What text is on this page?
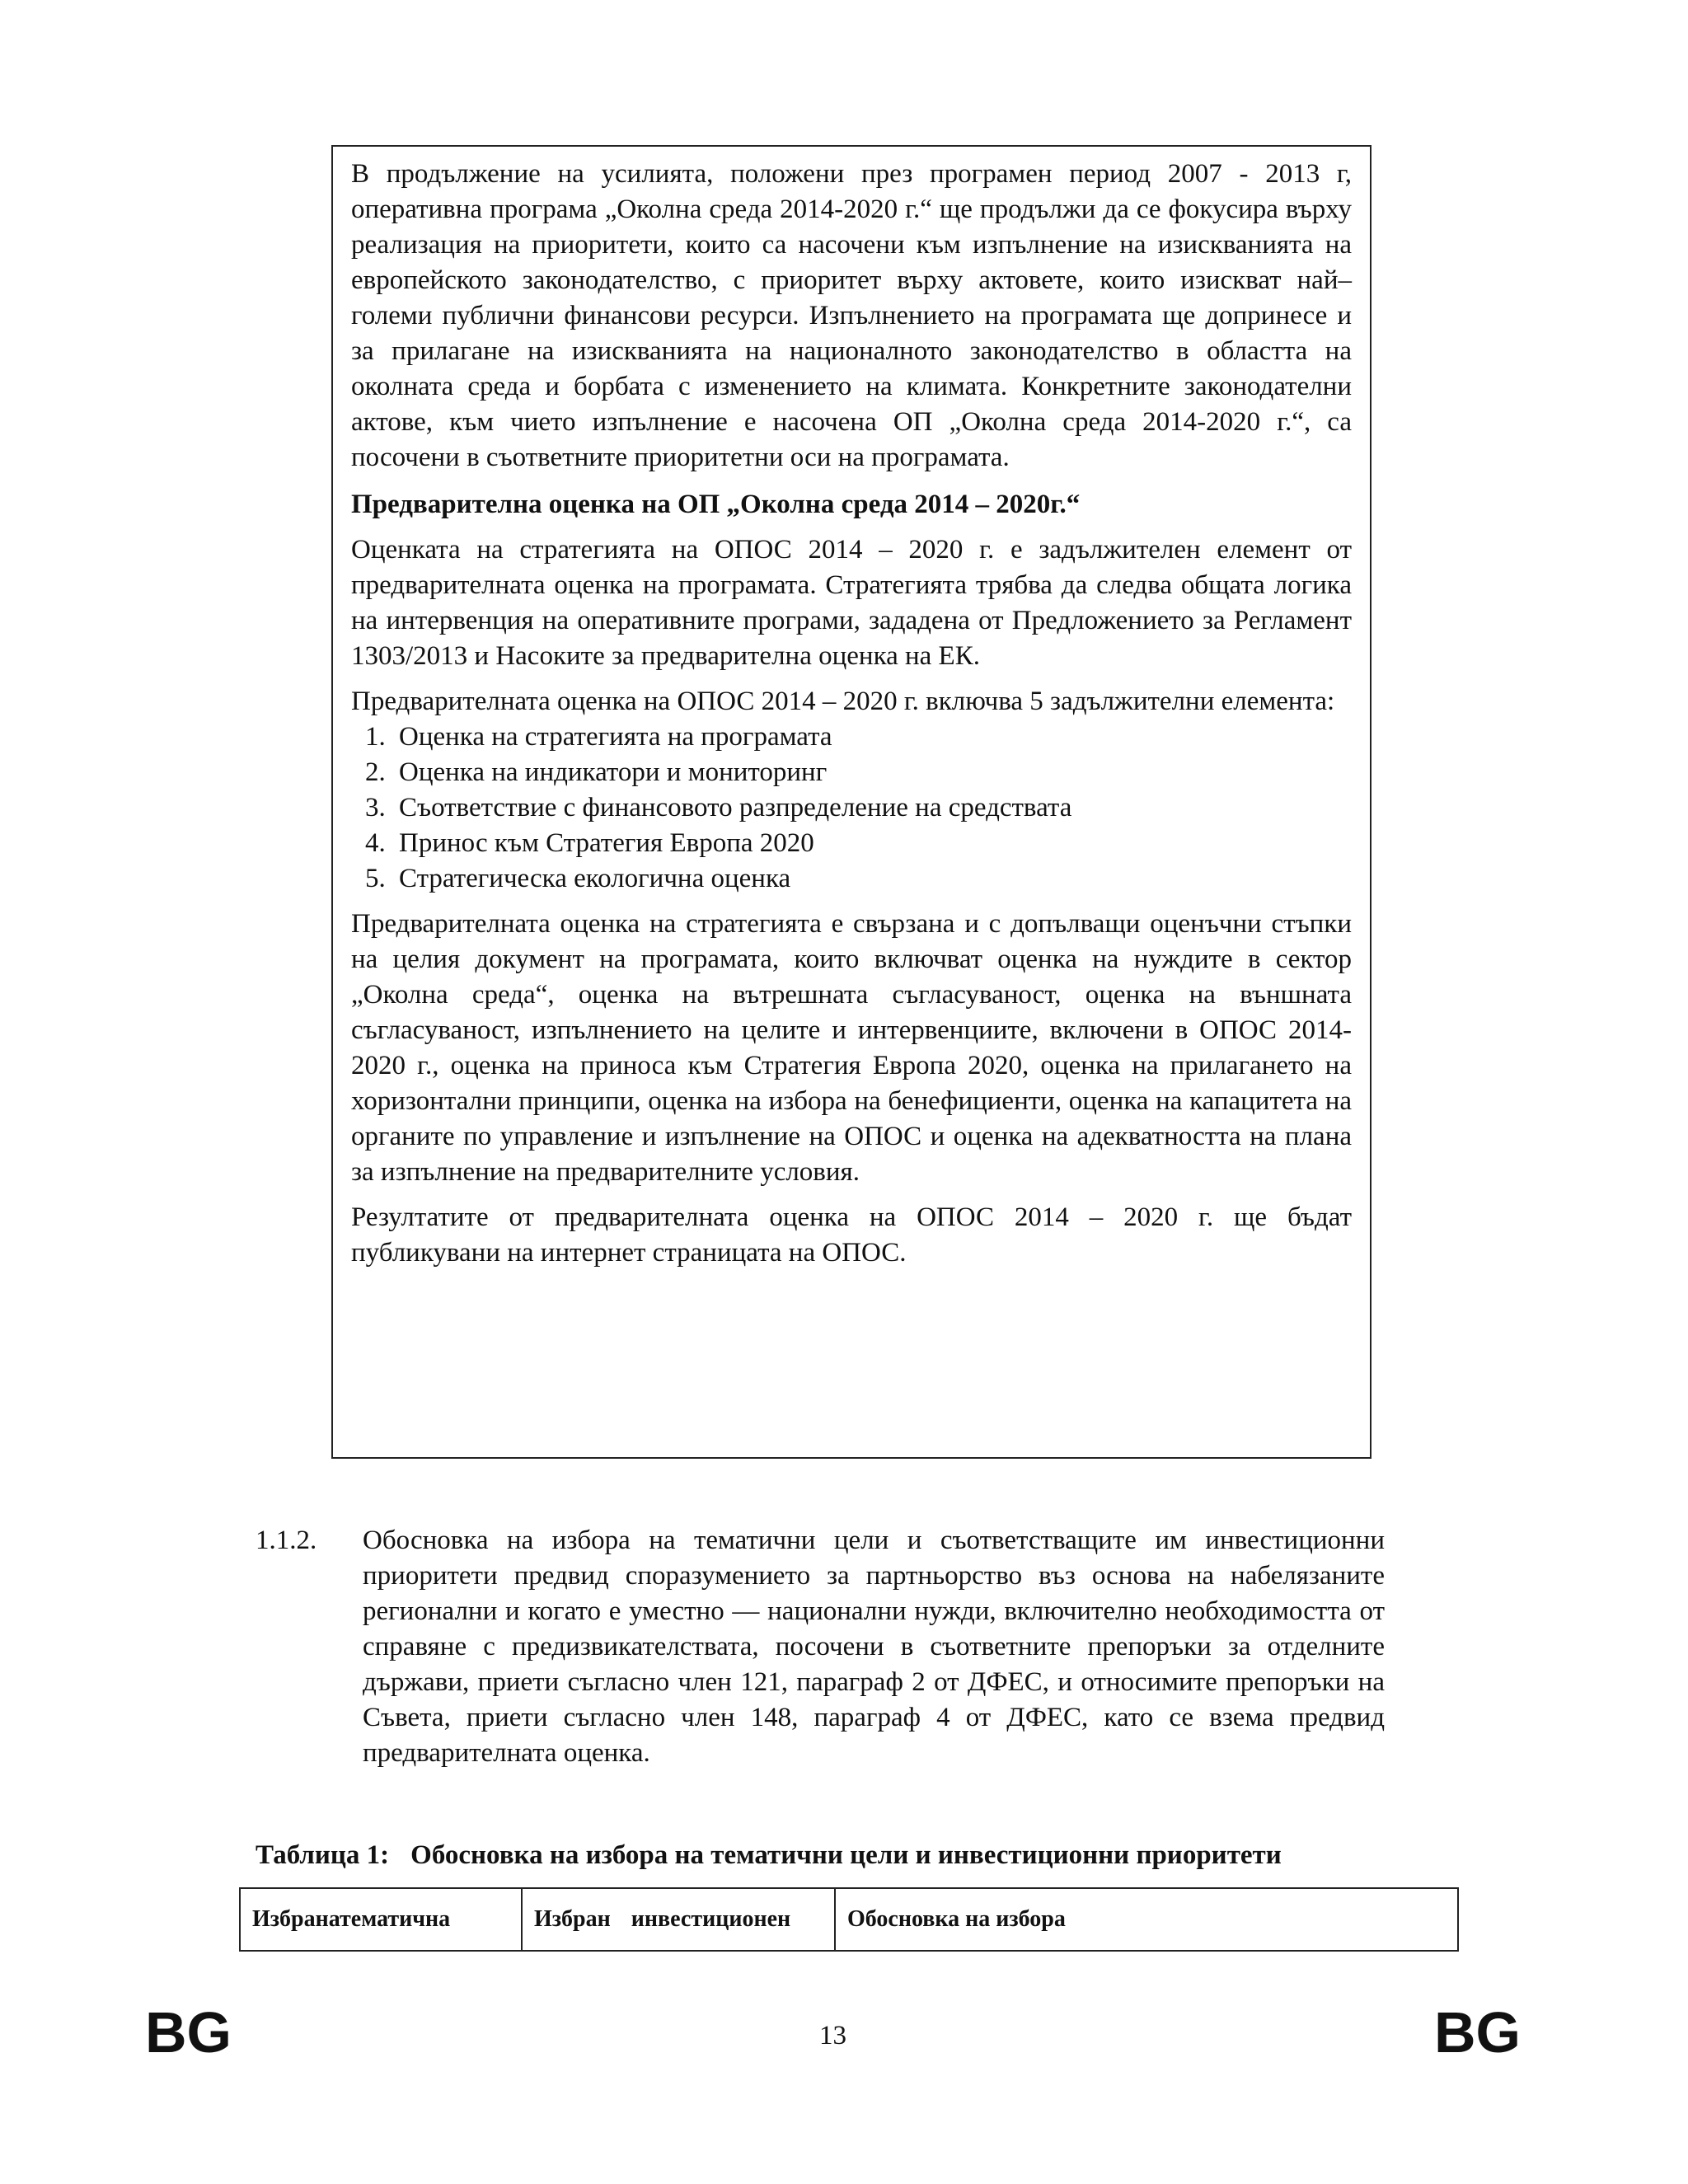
В продължение на усилията, положени през програмен период 2007 - 2013 г, оперативна програма „Околна среда 2014-2020 г.“ ще продължи да се фокусира върху реализация на приоритети, които са насочени към изпълнение на изискванията на европейското законодателство, с приоритет върху актовете, които изискват най–големи публични финансови ресурси. Изпълнението на програмата ще допринесе и за прилагане на изискванията на националното законодателство в областта на околната среда и борбата с изменението на климата. Конкретните законодателни актове, към чието изпълнение е насочена ОП „Околна среда 2014-2020 г.“, са посочени в съответните приоритетни оси на програмата.

Предварителна оценка на ОП „Околна среда 2014 – 2020г.“

Оценката на стратегията на ОПОС 2014 – 2020 г. е задължителен елемент от предварителната оценка на програмата. Стратегията трябва да следва общата логика на интервенция на оперативните програми, зададена от Предложението за Регламент 1303/2013 и Насоките за предварителна оценка на ЕК.

Предварителната оценка на ОПОС 2014 – 2020 г. включва 5 задължителни елемента:

1. Оценка на стратегията на програмата
2. Оценка на индикатори и мониторинг
3. Съответствие с финансовото разпределение на средствата
4. Принос към Стратегия Европа 2020
5. Стратегическа екологична оценка

Предварителната оценка на стратегията е свързана и с допълващи оценъчни стъпки на целия документ на програмата, които включват оценка на нуждите в сектор „Околна среда“, оценка на вътрешната съгласуваност, оценка на външната съгласуваност, изпълнението на целите и интервенциите, включени в ОПОС 2014-2020 г., оценка на приноса към Стратегия Европа 2020, оценка на прилагането на хоризонтални принципи, оценка на избора на бенефициенти, оценка на капацитета на органите по управление и изпълнение на ОПОС и оценка на адекватността на плана за изпълнение на предварителните условия.

Резултатите от предварителната оценка на ОПОС 2014 – 2020 г. ще бъдат публикувани на интернет страницата на ОПОС.

1.1.2. Обосновка на избора на тематични цели и съответстващите им инвестиционни приоритети предвид споразумението за партньорство въз основа на набелязаните регионални и когато е уместно — национални нужди, включително необходимостта от справяне с предизвикателствата, посочени в съответните препоръки за отделните държави, приети съгласно член 121, параграф 2 от ДФЕС, и относимите препоръки на Съвета, приети съгласно член 148, параграф 4 от ДФЕС, като се взема предвид предварителната оценка.
Таблица 1: Обосновка на избора на тематични цели и инвестиционни приоритети
Избранатематична	Избран инвестиционен	Обосновка на избора
BG	13	BG
